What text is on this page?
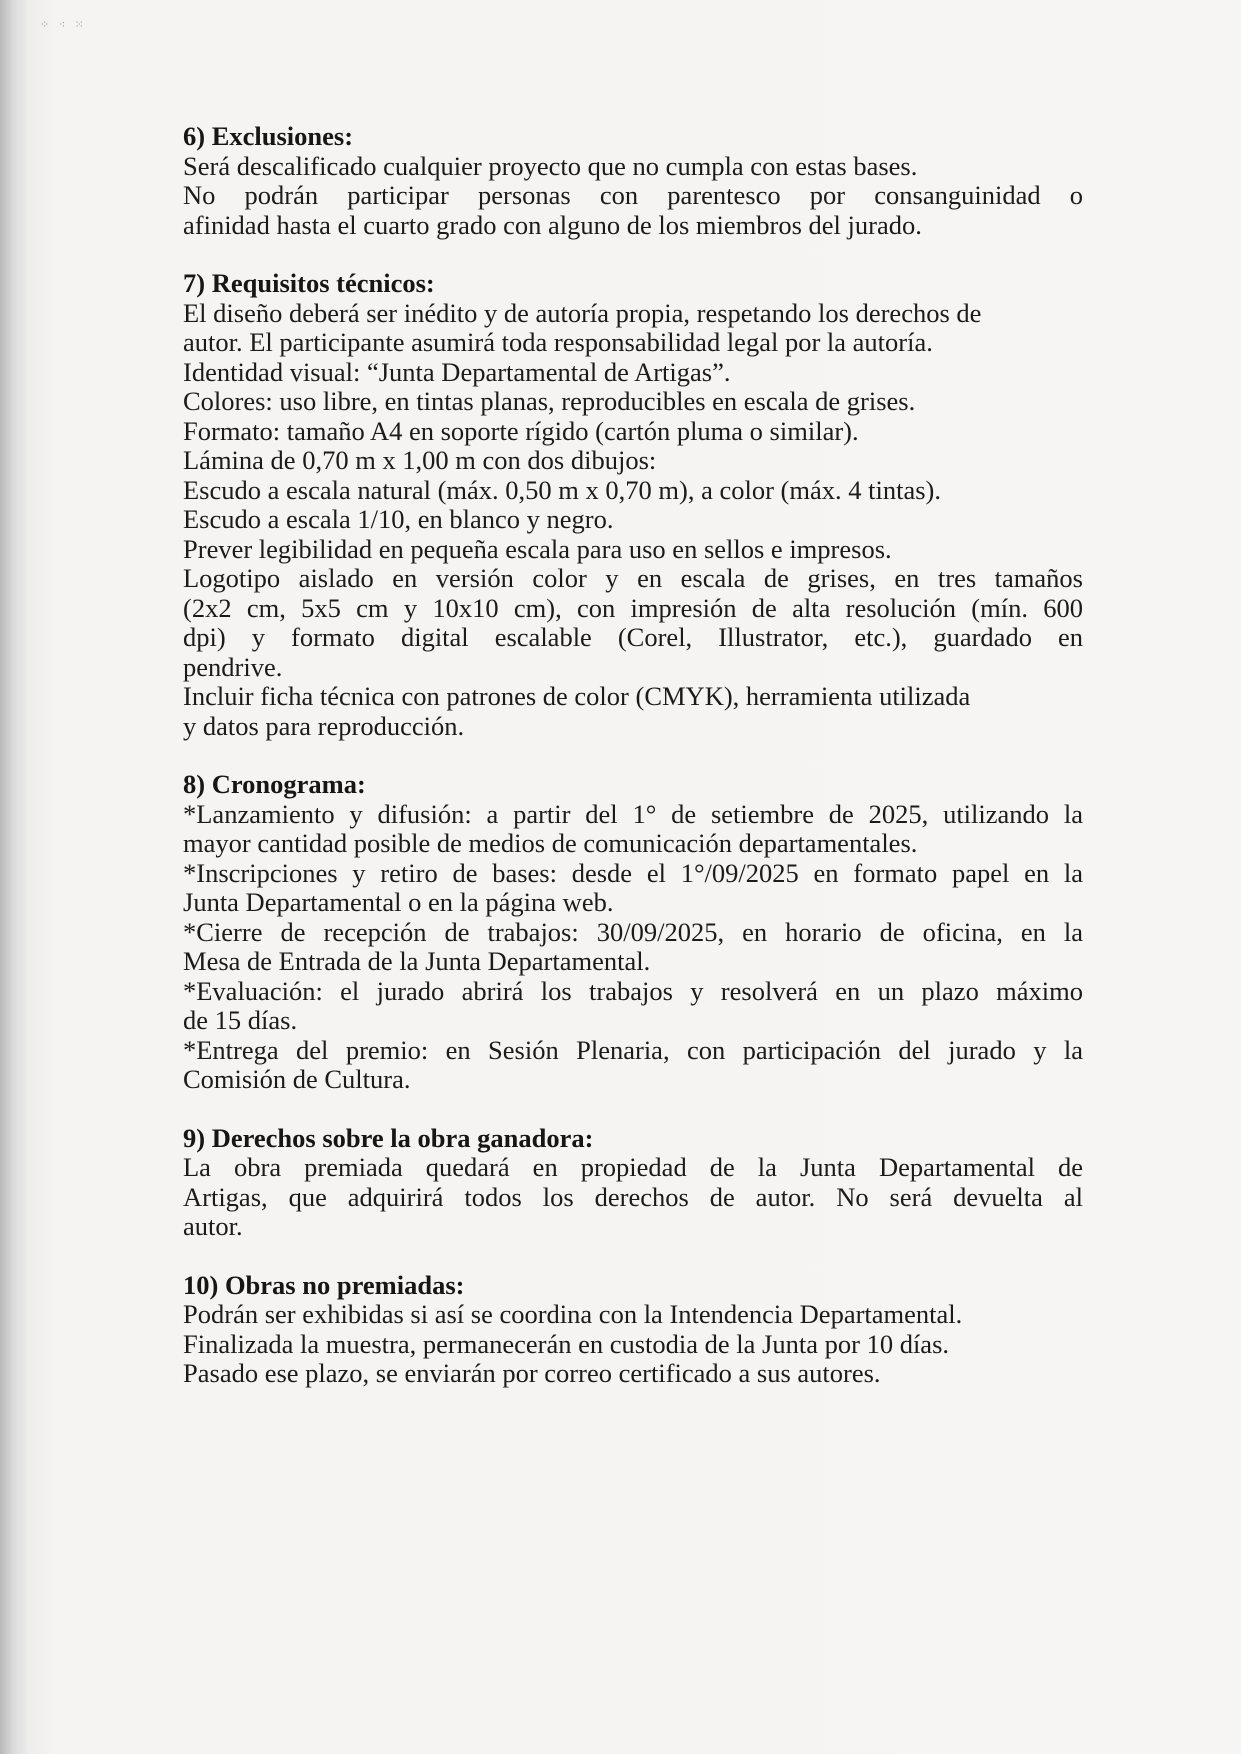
⁘ ⁖ ⁙

6) Exclusiones:

Será descalificado cualquier proyecto que no cumpla con estas bases.

No podrán participar personas con parentesco por consanguinidad o

afinidad hasta el cuarto grado con alguno de los miembros del jurado.

7) Requisitos técnicos:

El diseño deberá ser inédito y de autoría propia, respetando los derechos de

autor. El participante asumirá toda responsabilidad legal por la autoría.

Identidad visual: “Junta Departamental de Artigas”.

Colores: uso libre, en tintas planas, reproducibles en escala de grises.

Formato: tamaño A4 en soporte rígido (cartón pluma o similar).

Lámina de 0,70 m x 1,00 m con dos dibujos:

Escudo a escala natural (máx. 0,50 m x 0,70 m), a color (máx. 4 tintas).

Escudo a escala 1/10, en blanco y negro.

Prever legibilidad en pequeña escala para uso en sellos e impresos.

Logotipo aislado en versión color y en escala de grises, en tres tamaños

(2x2 cm, 5x5 cm y 10x10 cm), con impresión de alta resolución (mín. 600

dpi) y formato digital escalable (Corel, Illustrator, etc.), guardado en

pendrive.

Incluir ficha técnica con patrones de color (CMYK), herramienta utilizada

y datos para reproducción.

8) Cronograma:

*Lanzamiento y difusión: a partir del 1° de setiembre de 2025, utilizando la

mayor cantidad posible de medios de comunicación departamentales.

*Inscripciones y retiro de bases: desde el 1°/09/2025 en formato papel en la

Junta Departamental o en la página web.

*Cierre de recepción de trabajos: 30/09/2025, en horario de oficina, en la

Mesa de Entrada de la Junta Departamental.

*Evaluación: el jurado abrirá los trabajos y resolverá en un plazo máximo

de 15 días.

*Entrega del premio: en Sesión Plenaria, con participación del jurado y la

Comisión de Cultura.

9) Derechos sobre la obra ganadora:

La obra premiada quedará en propiedad de la Junta Departamental de

Artigas, que adquirirá todos los derechos de autor. No será devuelta al

autor.

10) Obras no premiadas:

Podrán ser exhibidas si así se coordina con la Intendencia Departamental.

Finalizada la muestra, permanecerán en custodia de la Junta por 10 días.

Pasado ese plazo, se enviarán por correo certificado a sus autores.
